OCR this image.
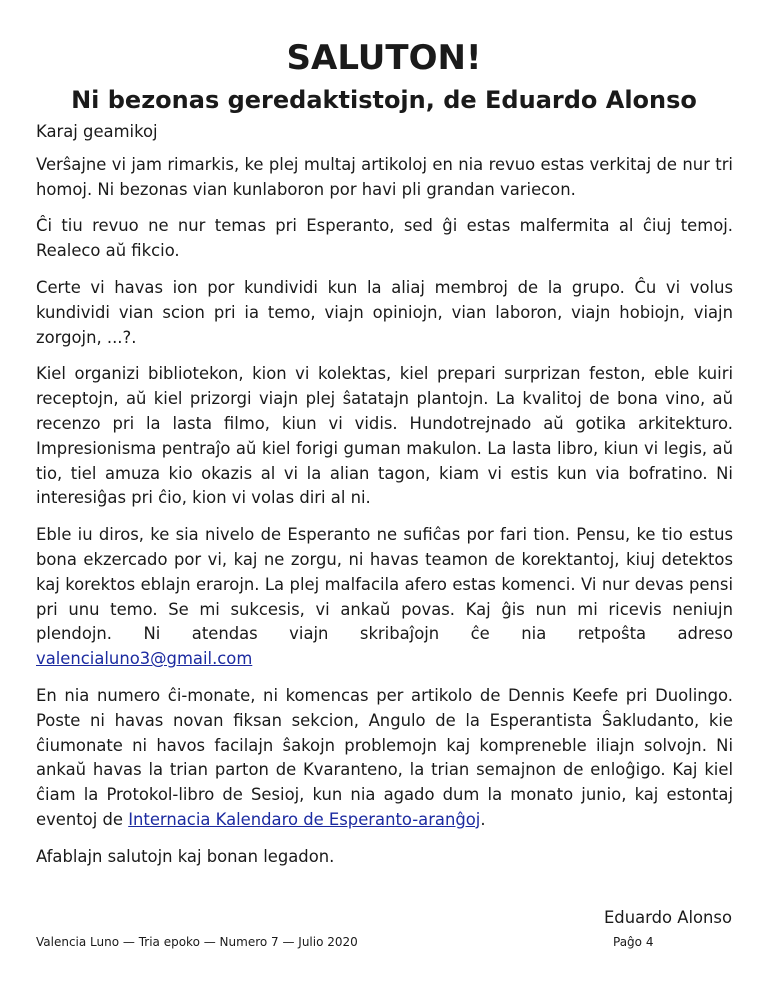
SALUTON!
Ni bezonas geredaktistojn, de Eduardo Alonso

Karaj geamikoj

Verŝajne vi jam rimarkis, ke plej multaj artikoloj en nia revuo estas verkitaj de nur tri homoj. Ni bezonas vian kunlaboron por havi pli grandan variecon.

Ĉi tiu revuo ne nur temas pri Esperanto, sed ĝi estas malfermita al ĉiuj temoj. Realeco aŭ fikcio.

Certe vi havas ion por kundividi kun la aliaj membroj de la grupo. Ĉu vi volus kundividi vian scion pri ia temo, viajn opiniojn, vian laboron, viajn hobiojn, viajn zorgojn, ...?.

Kiel organizi bibliotekon, kion vi kolektas, kiel prepari surprizan feston, eble kuiri receptojn, aŭ kiel prizorgi viajn plej ŝatatajn plantojn. La kvalitoj de bona vino, aŭ recenzo pri la lasta filmo, kiun vi vidis. Hundotrejnado aŭ gotika arkitekturo. Impresionisma pentraĵo aŭ kiel forigi guman makulon. La lasta libro, kiun vi legis, aŭ tio, tiel amuza kio okazis al vi la alian tagon, kiam vi estis kun via bofratino. Ni interesiĝas pri ĉio, kion vi volas diri al ni.

Eble iu diros, ke sia nivelo de Esperanto ne sufiĉas por fari tion. Pensu, ke tio estus bona ekzercado por vi, kaj ne zorgu, ni havas teamon de korektantoj, kiuj detektos kaj korektos eblajn erarojn. La plej malfacila afero estas komenci. Vi nur devas pensi pri unu temo. Se mi sukcesis, vi ankaŭ povas. Kaj ĝis nun mi ricevis neniujn plendojn. Ni atendas viajn skribaĵojn ĉe nia retpoŝta adreso valencialuno3@gmail.com

En nia numero ĉi-monate, ni komencas per artikolo de Dennis Keefe pri Duolingo. Poste ni havas novan fiksan sekcion, Angulo de la Esperantista Ŝakludanto, kie ĉiumonate ni havos facilajn ŝakojn problemojn kaj kompreneble iliajn solvojn. Ni ankaŭ havas la trian parton de Kvaranteno, la trian semajnon de enloĝigo. Kaj kiel ĉiam la Protokol-libro de Sesioj, kun nia agado dum la monato junio, kaj estontaj eventoj de Internacia Kalendaro de Esperanto-aranĝoj.

Afablajn salutojn kaj bonan legadon.

Eduardo Alonso
Valencia Luno — Tria epoko — Numero 7 — Julio 2020	Paĝo 4
